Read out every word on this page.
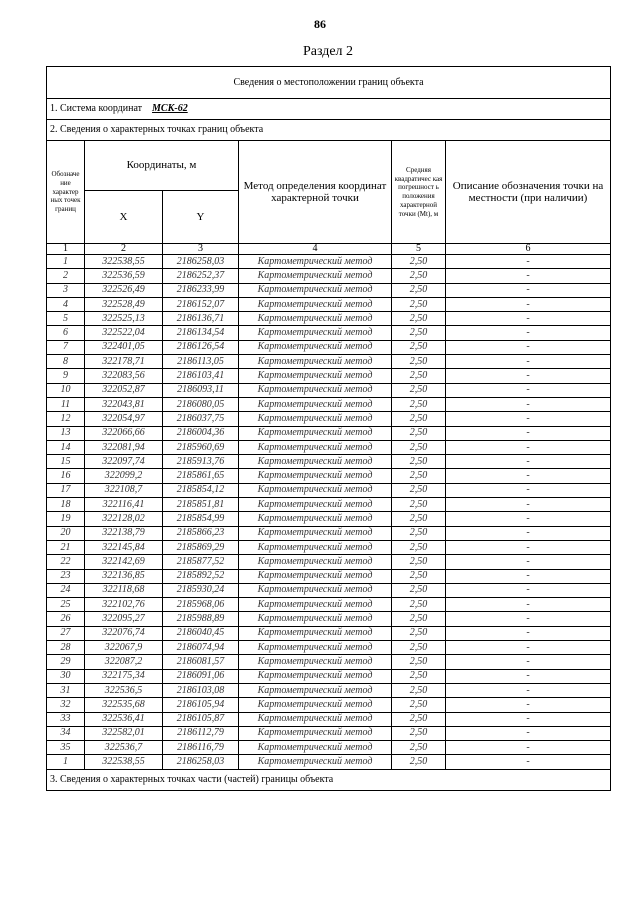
86
Раздел 2
Сведения о местоположении границ объекта					
1. Система координат МСК-62					
2. Сведения о характерных точках границ объекта					
Обозначе ние характер ных точек границ	Координаты, м		Метод определения координат характерной точки	Средняя квадратичес кая погрешност ь положения характерной точки (Mt), м	Описание обозначения точки на местности (при наличии)
	X	Y			
1	2	3	4	5	6
1	322538,55	2186258,03	Картометрический метод	2,50	-
2	322536,59	2186252,37	Картометрический метод	2,50	-
3	322526,49	2186233,99	Картометрический метод	2,50	-
4	322528,49	2186152,07	Картометрический метод	2,50	-
5	322525,13	2186136,71	Картометрический метод	2,50	-
6	322522,04	2186134,54	Картометрический метод	2,50	-
7	322401,05	2186126,54	Картометрический метод	2,50	-
8	322178,71	2186113,05	Картометрический метод	2,50	-
9	322083,56	2186103,41	Картометрический метод	2,50	-
10	322052,87	2186093,11	Картометрический метод	2,50	-
11	322043,81	2186080,05	Картометрический метод	2,50	-
12	322054,97	2186037,75	Картометрический метод	2,50	-
13	322066,66	2186004,36	Картометрический метод	2,50	-
14	322081,94	2185960,69	Картометрический метод	2,50	-
15	322097,74	2185913,76	Картометрический метод	2,50	-
16	322099,2	2185861,65	Картометрический метод	2,50	-
17	322108,7	2185854,12	Картометрический метод	2,50	-
18	322116,41	2185851,81	Картометрический метод	2,50	-
19	322128,02	2185854,99	Картометрический метод	2,50	-
20	322138,79	2185866,23	Картометрический метод	2,50	-
21	322145,84	2185869,29	Картометрический метод	2,50	-
22	322142,69	2185877,52	Картометрический метод	2,50	-
23	322136,85	2185892,52	Картометрический метод	2,50	-
24	322118,68	2185930,24	Картометрический метод	2,50	-
25	322102,76	2185968,06	Картометрический метод	2,50	-
26	322095,27	2185988,89	Картометрический метод	2,50	-
27	322076,74	2186040,45	Картометрический метод	2,50	-
28	322067,9	2186074,94	Картометрический метод	2,50	-
29	322087,2	2186081,57	Картометрический метод	2,50	-
30	322175,34	2186091,06	Картометрический метод	2,50	-
31	322536,5	2186103,08	Картометрический метод	2,50	-
32	322535,68	2186105,94	Картометрический метод	2,50	-
33	322536,41	2186105,87	Картометрический метод	2,50	-
34	322582,01	2186112,79	Картометрический метод	2,50	-
35	322536,7	2186116,79	Картометрический метод	2,50	-
1	322538,55	2186258,03	Картометрический метод	2,50	-
3. Сведения о характерных точках части (частей) границы объекта					
